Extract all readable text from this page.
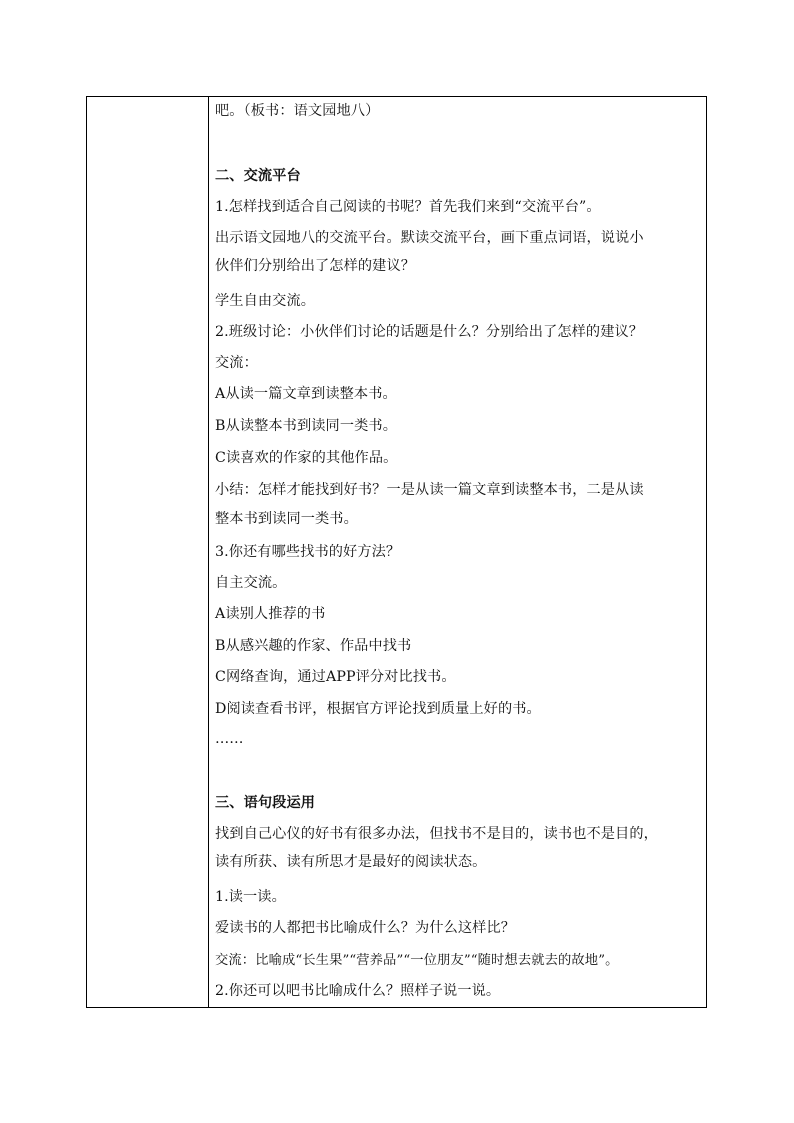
吧。（板书：语文园地八）
二、交流平台
1.怎样找到适合自己阅读的书呢？首先我们来到“交流平台”。
出示语文园地八的交流平台。默读交流平台，画下重点词语，说说小
伙伴们分别给出了怎样的建议？
学生自由交流。
2.班级讨论：小伙伴们讨论的话题是什么？分别给出了怎样的建议？
交流：
A从读一篇文章到读整本书。
B从读整本书到读同一类书。
C读喜欢的作家的其他作品。
小结：怎样才能找到好书？一是从读一篇文章到读整本书，二是从读
整本书到读同一类书。
3.你还有哪些找书的好方法？
自主交流。
A读别人推荐的书
B从感兴趣的作家、作品中找书
C网络查询，通过APP评分对比找书。
D阅读查看书评，根据官方评论找到质量上好的书。
……
三、语句段运用
找到自己心仪的好书有很多办法，但找书不是目的，读书也不是目的，
读有所获、读有所思才是最好的阅读状态。
1.读一读。
爱读书的人都把书比喻成什么？为什么这样比？
交流：比喻成“长生果”“营养品”“一位朋友”“随时想去就去的故地”。
2.你还可以吧书比喻成什么？照样子说一说。
